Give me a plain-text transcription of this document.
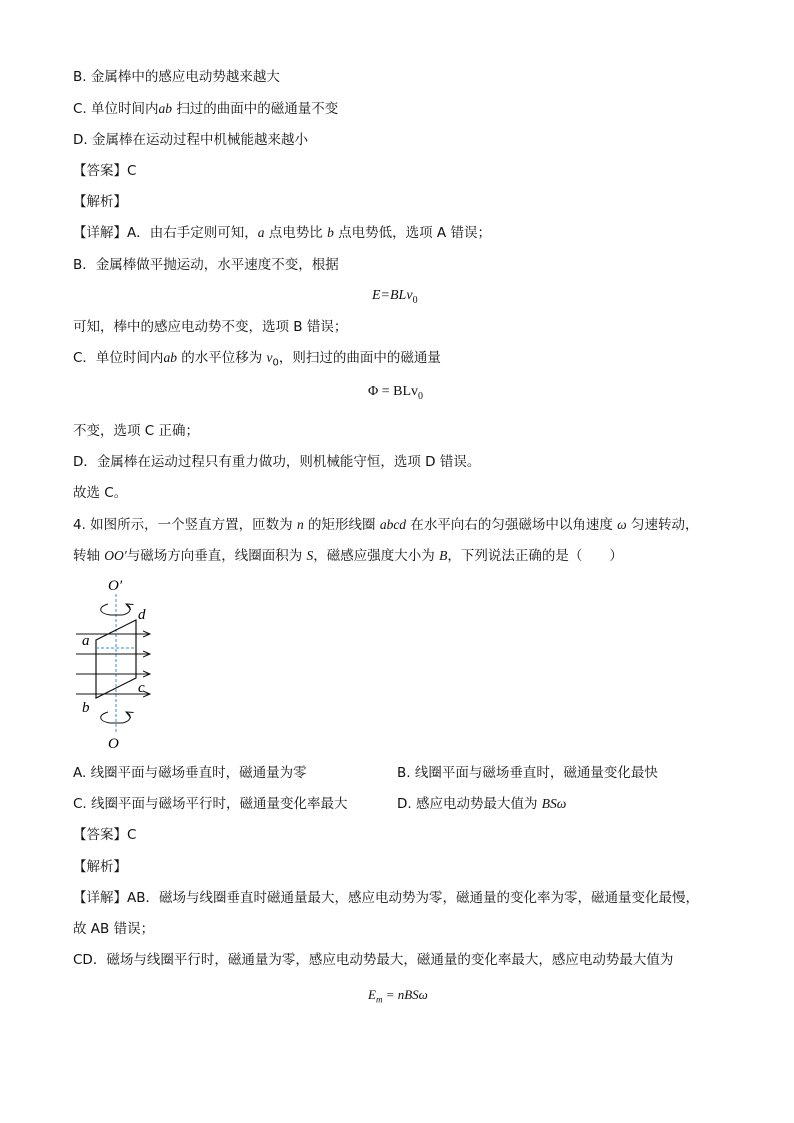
B. 金属棒中的感应电动势越来越大
C. 单位时间内ab 扫过的曲面中的磁通量不变
D. 金属棒在运动过程中机械能越来越小
【答案】C
【解析】
【详解】A．由右手定则可知，a 点电势比 b 点电势低，选项 A 错误；
B．金属棒做平抛运动，水平速度不变，根据
E=BLv$_0$
可知，棒中的感应电动势不变，选项 B 错误；
C．单位时间内ab 的水平位移为 $v_0$，则扫过的曲面中的磁通量
Φ = BLv$_0$
不变，选项 C 正确；
D．金属棒在运动过程只有重力做功，则机械能守恒，选项 D 错误。
故选 C。
4. 如图所示，一个竖直方置，匝数为 n 的矩形线圈 abcd 在水平向右的匀强磁场中以角速度 ω 匀速转动，
转轴 OO′与磁场方向垂直，线圈面积为 S，磁感应强度大小为 B，下列说法正确的是（　　）
O′
O
a
b
c
d
A. 线圈平面与磁场垂直时，磁通量为零	B. 线圈平面与磁场垂直时，磁通量变化最快
C. 线圈平面与磁场平行时，磁通量变化率最大	D. 感应电动势最大值为 BSω
【答案】C
【解析】
【详解】AB．磁场与线圈垂直时磁通量最大，感应电动势为零，磁通量的变化率为零，磁通量变化最慢，
故 AB 错误；
CD．磁场与线圈平行时，磁通量为零，感应电动势最大，磁通量的变化率最大，感应电动势最大值为
$E_m = nBS\omega$
